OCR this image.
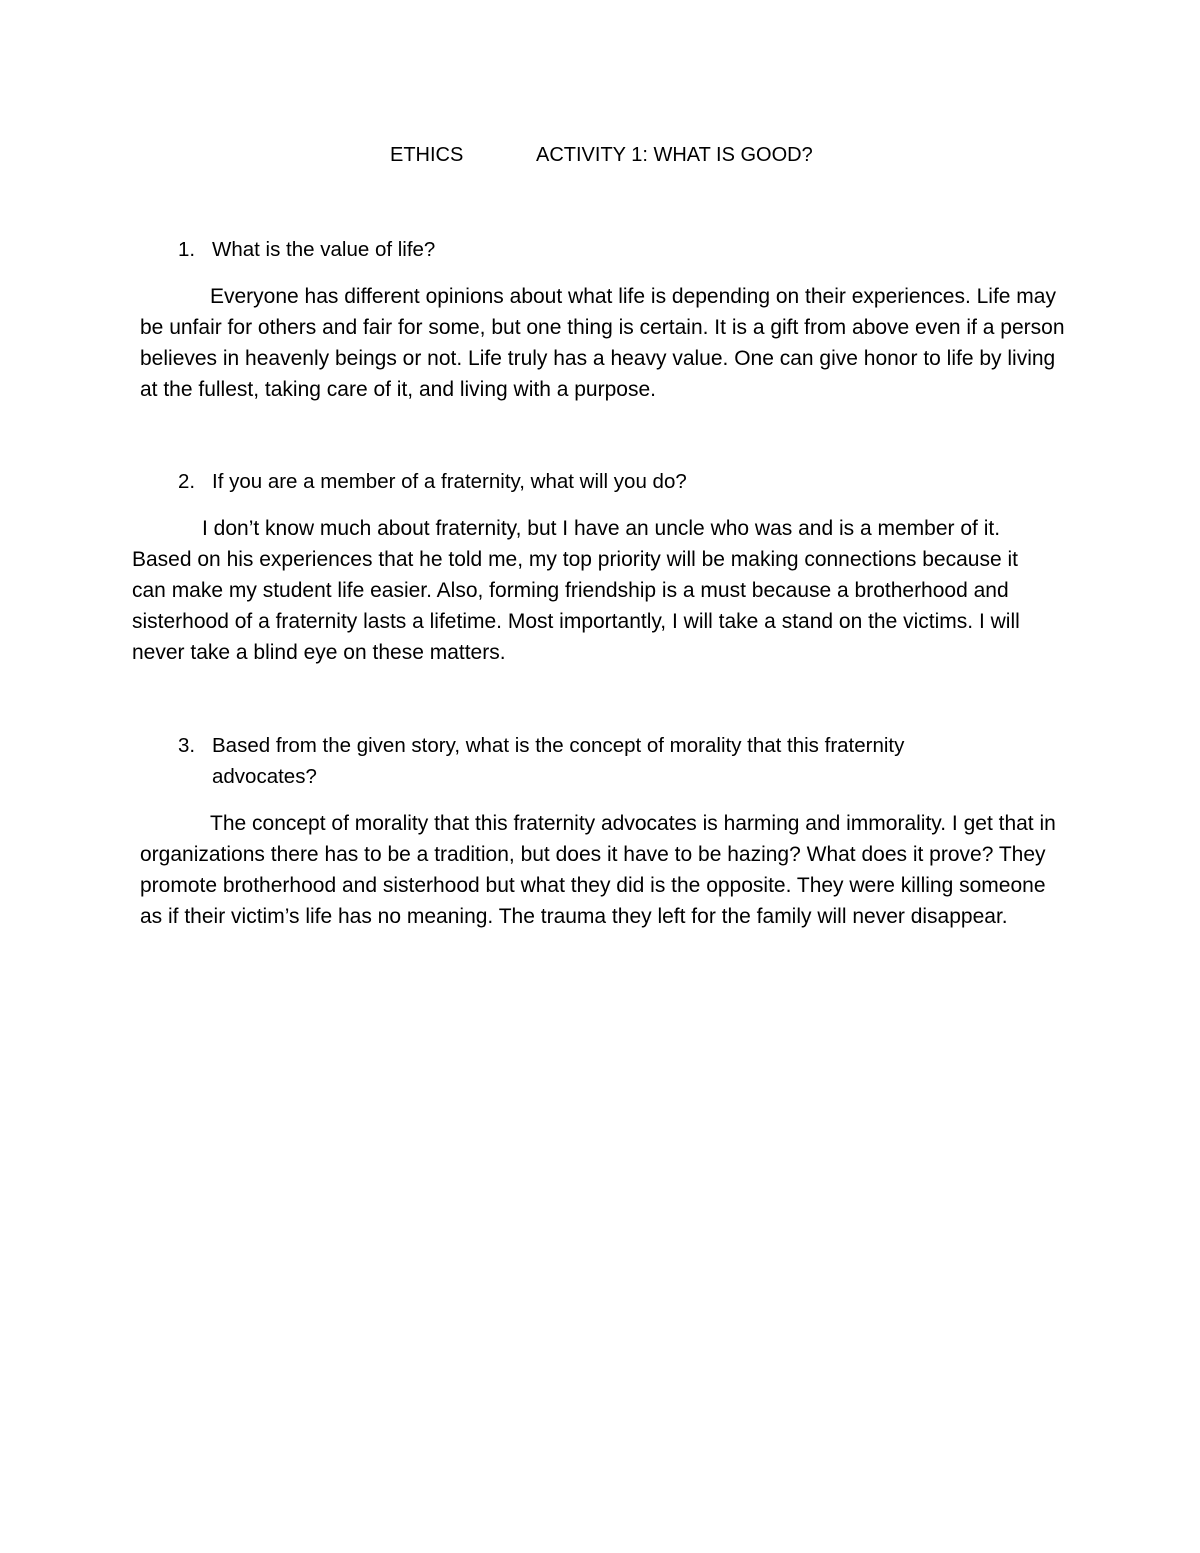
ETHICS	ACTIVITY 1: WHAT IS GOOD?
1. What is the value of life?
Everyone has different opinions about what life is depending on their experiences. Life may be unfair for others and fair for some, but one thing is certain. It is a gift from above even if a person believes in heavenly beings or not. Life truly has a heavy value. One can give honor to life by living at the fullest, taking care of it, and living with a purpose.
2. If you are a member of a fraternity, what will you do?
I don’t know much about fraternity, but I have an uncle who was and is a member of it. Based on his experiences that he told me, my top priority will be making connections because it can make my student life easier. Also, forming friendship is a must because a brotherhood and sisterhood of a fraternity lasts a lifetime. Most importantly, I will take a stand on the victims. I will never take a blind eye on these matters.
3. Based from the given story, what is the concept of morality that this fraternity advocates?
The concept of morality that this fraternity advocates is harming and immorality. I get that in organizations there has to be a tradition, but does it have to be hazing? What does it prove? They promote brotherhood and sisterhood but what they did is the opposite. They were killing someone as if their victim’s life has no meaning. The trauma they left for the family will never disappear.
